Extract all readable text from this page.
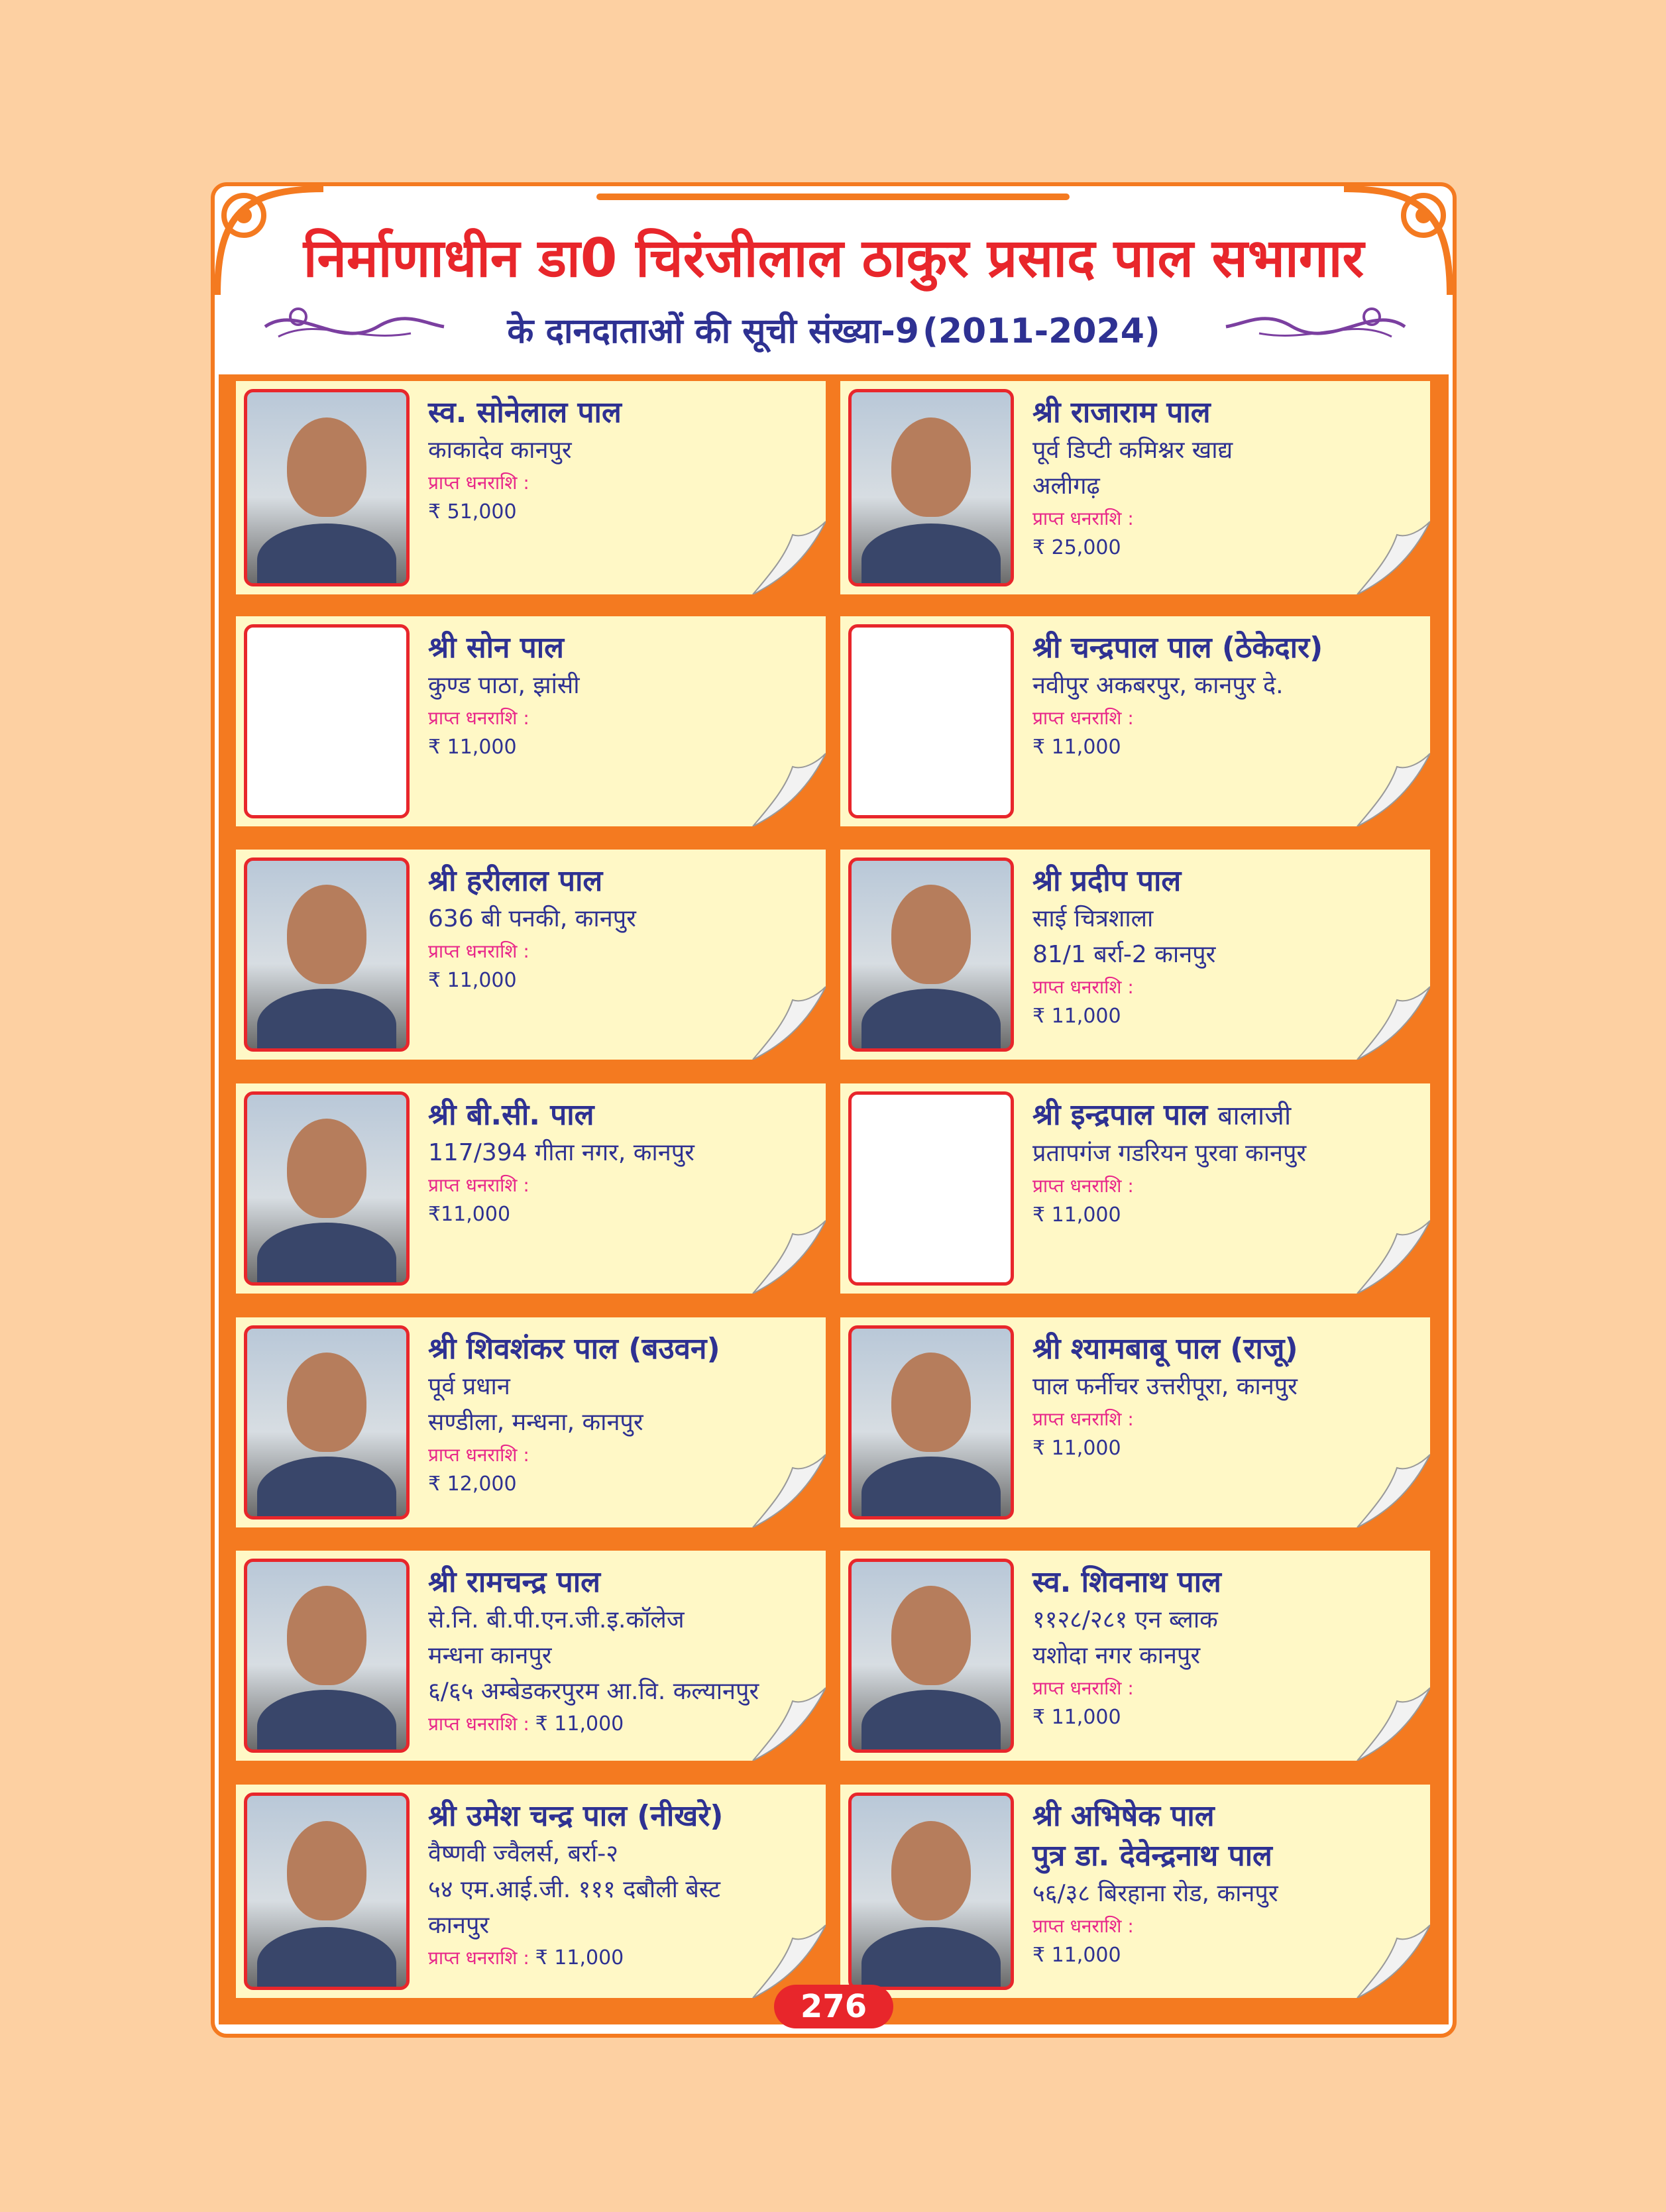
निर्माणाधीन डा0 चिरंजीलाल ठाकुर प्रसाद पाल सभागार
के दानदाताओं की सूची संख्या-9 (2011-2024)
स्व. सोनेलाल पाल
काकादेव कानपुर
प्राप्त धनराशि :
₹ 51,000
श्री राजाराम पाल
पूर्व डिप्टी कमिश्नर खाद्य
अलीगढ़
प्राप्त धनराशि :
₹ 25,000
श्री सोन पाल
कुण्ड पाठा, झांसी
प्राप्त धनराशि :
₹ 11,000
श्री चन्द्रपाल पाल (ठेकेदार)
नवीपुर अकबरपुर, कानपुर दे.
प्राप्त धनराशि :
₹ 11,000
श्री हरीलाल पाल
636 बी पनकी, कानपुर
प्राप्त धनराशि :
₹ 11,000
श्री प्रदीप पाल
साई चित्रशाला
81/1 बर्रा-2 कानपुर
प्राप्त धनराशि :
₹ 11,000
श्री बी.सी. पाल
117/394 गीता नगर, कानपुर
प्राप्त धनराशि :
₹11,000
श्री इन्द्रपाल पाल बालाजी
प्रतापगंज गडरियन पुरवा कानपुर
प्राप्त धनराशि :
₹ 11,000
श्री शिवशंकर पाल (बउवन)
पूर्व प्रधान
सण्डीला, मन्धना, कानपुर
प्राप्त धनराशि :
₹ 12,000
श्री श्यामबाबू पाल (राजू)
पाल फर्नीचर उत्तरीपूरा, कानपुर
प्राप्त धनराशि :
₹ 11,000
श्री रामचन्द्र पाल
से.नि. बी.पी.एन.जी.इ.कॉलेज
मन्धना कानपुर
६/६५ अम्बेडकरपुरम आ.वि. कल्यानपुर
प्राप्त धनराशि : ₹ 11,000
स्व. शिवनाथ पाल
११२८/२८१ एन ब्लाक
यशोदा नगर कानपुर
प्राप्त धनराशि :
₹ 11,000
श्री उमेश चन्द्र पाल (नीखरे)
वैष्णवी ज्वैलर्स, बर्रा-२
५४ एम.आई.जी. १११ दबौली बेस्ट
कानपुर
प्राप्त धनराशि : ₹ 11,000
श्री अभिषेक पाल
पुत्र डा. देवेन्द्रनाथ पाल
५६/३८ बिरहाना रोड, कानपुर
प्राप्त धनराशि :
₹ 11,000
276
